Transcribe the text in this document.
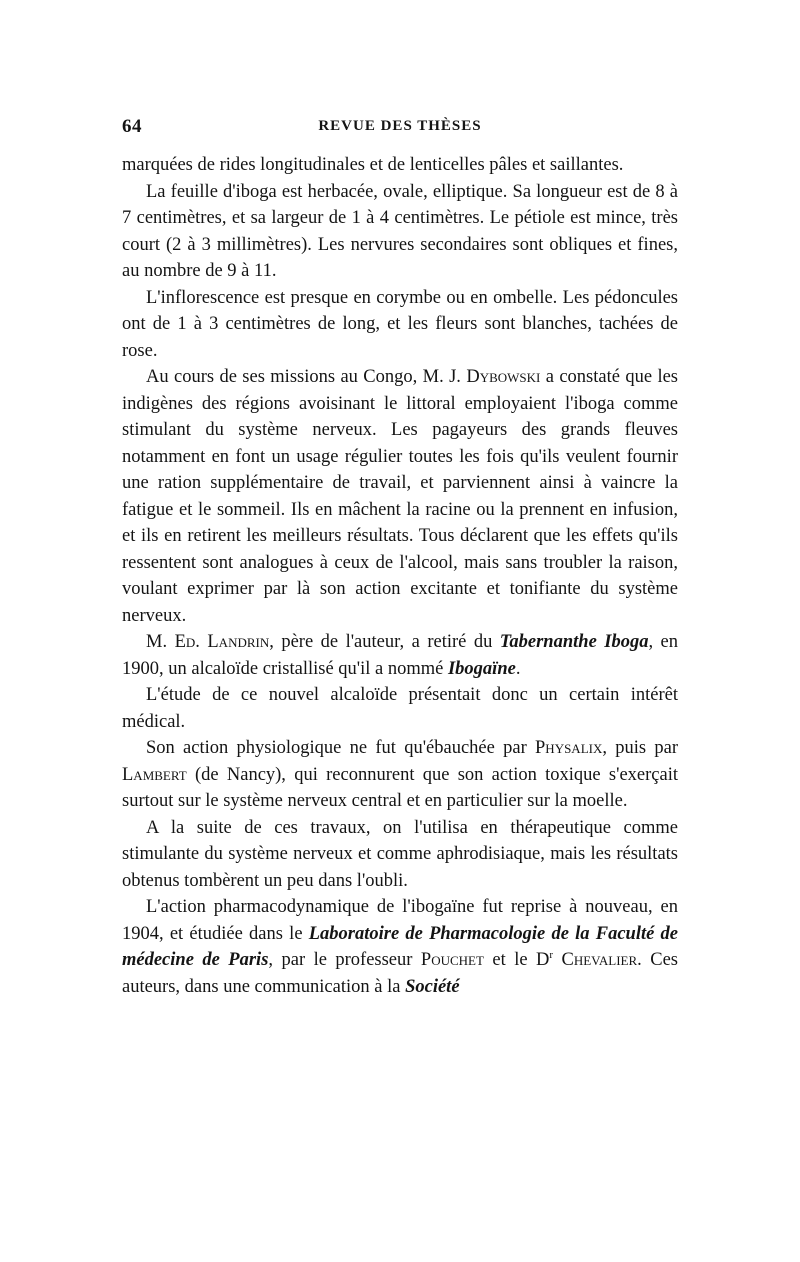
64	REVUE DES THÈSES

marquées de rides longitudinales et de lenticelles pâles et saillantes.

La feuille d'iboga est herbacée, ovale, elliptique. Sa longueur est de 8 à 7 centimètres, et sa largeur de 1 à 4 centimètres. Le pétiole est mince, très court (2 à 3 millimètres). Les nervures secondaires sont obliques et fines, au nombre de 9 à 11.

L'inflorescence est presque en corymbe ou en ombelle. Les pédoncules ont de 1 à 3 centimètres de long, et les fleurs sont blanches, tachées de rose.

Au cours de ses missions au Congo, M. J. Dybowski a constaté que les indigènes des régions avoisinant le littoral employaient l'iboga comme stimulant du système nerveux. Les pagayeurs des grands fleuves notamment en font un usage régulier toutes les fois qu'ils veulent fournir une ration supplémentaire de travail, et parviennent ainsi à vaincre la fatigue et le sommeil. Ils en mâchent la racine ou la prennent en infusion, et ils en retirent les meilleurs résultats. Tous déclarent que les effets qu'ils ressentent sont analogues à ceux de l'alcool, mais sans troubler la raison, voulant exprimer par là son action excitante et tonifiante du système nerveux.

M. Ed. Landrin, père de l'auteur, a retiré du Tabernanthe Iboga, en 1900, un alcaloïde cristallisé qu'il a nommé Ibogaïne.

L'étude de ce nouvel alcaloïde présentait donc un certain intérêt médical.

Son action physiologique ne fut qu'ébauchée par Physalix, puis par Lambert (de Nancy), qui reconnurent que son action toxique s'exerçait surtout sur le système nerveux central et en particulier sur la moelle.

A la suite de ces travaux, on l'utilisa en thérapeutique comme stimulante du système nerveux et comme aphrodisiaque, mais les résultats obtenus tombèrent un peu dans l'oubli.

L'action pharmacodynamique de l'ibogaïne fut reprise à nouveau, en 1904, et étudiée dans le Laboratoire de Pharmacologie de la Faculté de médecine de Paris, par le professeur Pouchet et le $D^r$ Chevalier. Ces auteurs, dans une communication à la Société
